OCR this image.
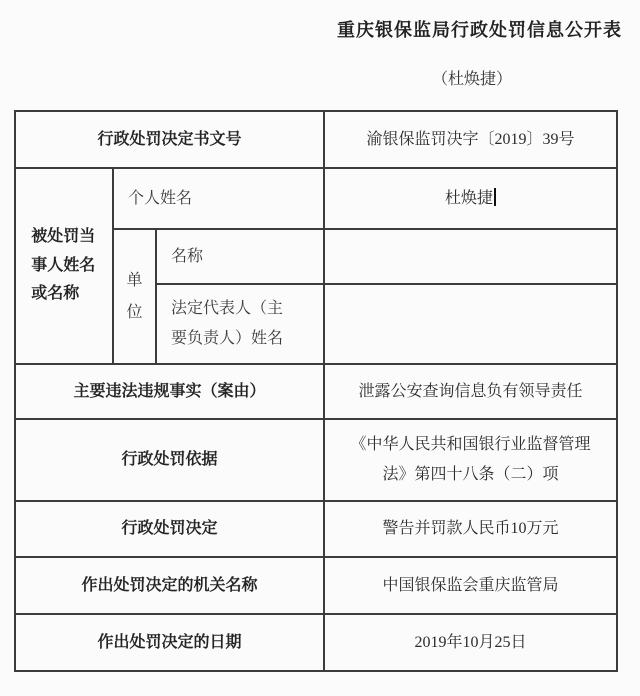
重庆银保监局行政处罚信息公开表
（杜焕捷）
行政处罚决定书文号			渝银保监罚决字〔2019〕39号

被处罚当事人姓名或名称	个人姓名		杜焕捷

	单位	名称	
		法定代表人（主要负责人）姓名	
主要违法违规事实（案由）			泄露公安查询信息负有领导责任
行政处罚依据			《中华人民共和国银行业监督管理法》第四十八条（二）项
行政处罚决定			警告并罚款人民币10万元
作出处罚决定的机关名称			中国银保监会重庆监管局
作出处罚决定的日期			2019年10月25日
